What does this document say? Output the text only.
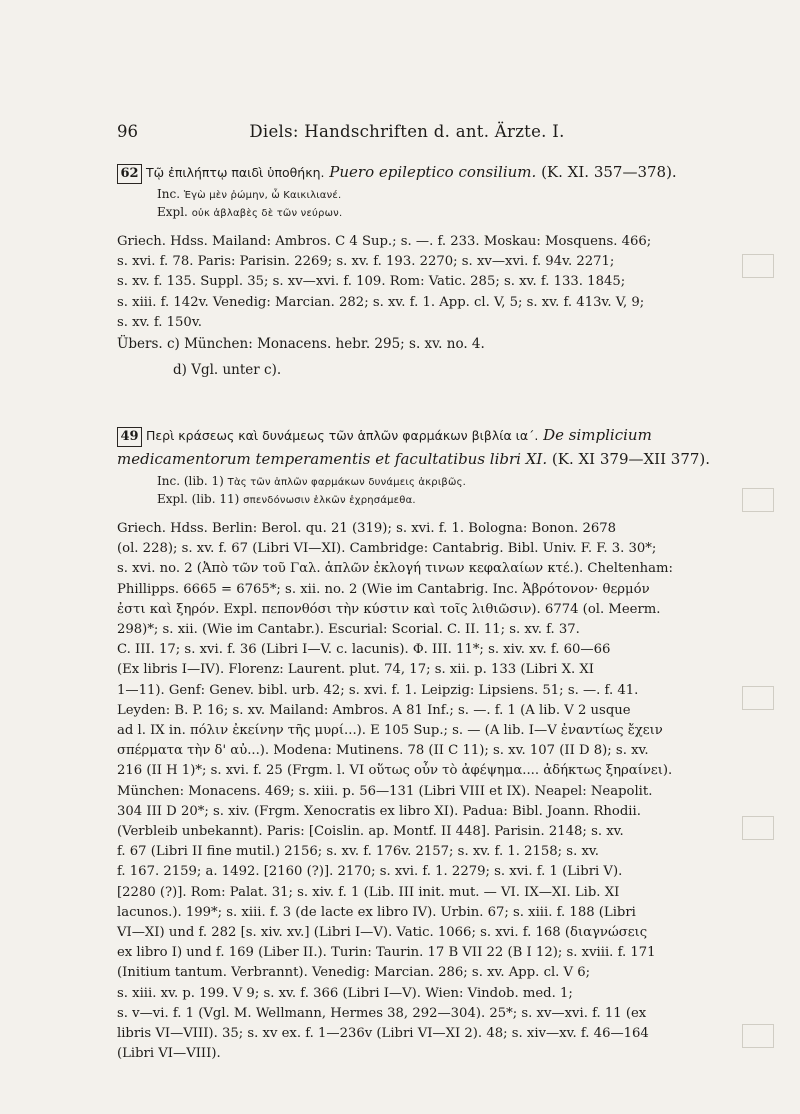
96	Diels: Handschriften d. ant. Ärzte. I.
62 Τῷ ἐπιλήπτῳ παιδὶ ὑποθήκη. Puero epileptico consilium. (K. XI. 357—378).
Inc. Ἐγὼ μὲν ῥώμην, ὦ Καικιλιανέ.
Expl. οὐκ ἀβλαβὲς δὲ τῶν νεύρων.

Griech. Hdss. Mailand: Ambros. C 4 Sup.; s. —. f. 233. Moskau: Mosquens. 466;

s. xvi. f. 78. Paris: Parisin. 2269; s. xv. f. 193. 2270; s. xv—xvi. f. 94v. 2271;

s. xv. f. 135. Suppl. 35; s. xv—xvi. f. 109. Rom: Vatic. 285; s. xv. f. 133. 1845;

s. xiii. f. 142v. Venedig: Marcian. 282; s. xv. f. 1. App. cl. V, 5; s. xv. f. 413v. V, 9;

s. xv. f. 150v.

Übers. c) München: Monacens. hebr. 295; s. xv. no. 4.
d) Vgl. unter c).
49 Περὶ κράσεως καὶ δυνάμεως τῶν ἁπλῶν φαρμάκων βιβλία ια΄. De simplicium
medicamentorum temperamentis et facultatibus libri XI. (K. XI 379—XII 377).
Inc. (lib. 1) Τὰς τῶν ἁπλῶν φαρμάκων δυνάμεις ἀκριβῶς.
Expl. (lib. 11) σπενδόνωσιν ἑλκῶν ἐχρησάμεθα.

Griech. Hdss. Berlin: Berol. qu. 21 (319); s. xvi. f. 1. Bologna: Bonon. 2678

(ol. 228); s. xv. f. 67 (Libri VI—XI). Cambridge: Cantabrig. Bibl. Univ. F. F. 3. 30*;

s. xvi. no. 2 (Ἀπὸ τῶν τοῦ Γαλ. ἁπλῶν ἐκλογή τινων κεφαλαίων κτέ.). Cheltenham:

Phillipps. 6665 = 6765*; s. xii. no. 2 (Wie im Cantabrig. Inc. Ἀβρότονον· θερμόν

ἐστι καὶ ξηρόν. Expl. πεπονθόσι τὴν κύστιν καὶ τοῖς λιθιῶσιν). 6774 (ol. Meerm.

298)*; s. xii. (Wie im Cantabr.). Escurial: Scorial. C. II. 11; s. xv. f. 37.

C. III. 17; s. xvi. f. 36 (Libri I—V. c. lacunis). Φ. III. 11*; s. xiv. xv. f. 60—66

(Ex libris I—IV). Florenz: Laurent. plut. 74, 17; s. xii. p. 133 (Libri X. XI

1—11). Genf: Genev. bibl. urb. 42; s. xvi. f. 1. Leipzig: Lipsiens. 51; s. —. f. 41.

Leyden: B. P. 16; s. xv. Mailand: Ambros. A 81 Inf.; s. —. f. 1 (A lib. V 2 usque

ad l. IX in. πόλιν ἐκείνην τῆς μυρί...). E 105 Sup.; s. — (A lib. I—V ἐναντίως ἔχειν

σπέρματα τὴν δ' αὐ...). Modena: Mutinens. 78 (II C 11); s. xv. 107 (II D 8); s. xv.

216 (II H 1)*; s. xvi. f. 25 (Frgm. l. VI οὕτως οὖν τὸ ἀφέψημα.... ἀδήκτως ξηραίνει).

München: Monacens. 469; s. xiii. p. 56—131 (Libri VIII et IX). Neapel: Neapolit.

304 III D 20*; s. xiv. (Frgm. Xenocratis ex libro XI). Padua: Bibl. Joann. Rhodii.

(Verbleib unbekannt). Paris: [Coislin. ap. Montf. II 448]. Parisin. 2148; s. xv.

f. 67 (Libri II fine mutil.) 2156; s. xv. f. 176v. 2157; s. xv. f. 1. 2158; s. xv.

f. 167. 2159; a. 1492. [2160 (?)]. 2170; s. xvi. f. 1. 2279; s. xvi. f. 1 (Libri V).

[2280 (?)]. Rom: Palat. 31; s. xiv. f. 1 (Lib. III init. mut. — VI. IX—XI. Lib. XI

lacunos.). 199*; s. xiii. f. 3 (de lacte ex libro IV). Urbin. 67; s. xiii. f. 188 (Libri

VI—XI) und f. 282 [s. xiv. xv.] (Libri I—V). Vatic. 1066; s. xvi. f. 168 (διαγνώσεις

ex libro I) und f. 169 (Liber II.). Turin: Taurin. 17 B VII 22 (B I 12); s. xviii. f. 171

(Initium tantum. Verbrannt). Venedig: Marcian. 286; s. xv. App. cl. V 6;

s. xiii. xv. p. 199. V 9; s. xv. f. 366 (Libri I—V). Wien: Vindob. med. 1;

s. v—vi. f. 1 (Vgl. M. Wellmann, Hermes 38, 292—304). 25*; s. xv—xvi. f. 11 (ex

libris VI—VIII). 35; s. xv ex. f. 1—236v (Libri VI—XI 2). 48; s. xiv—xv. f. 46—164

(Libri VI—VIII).
